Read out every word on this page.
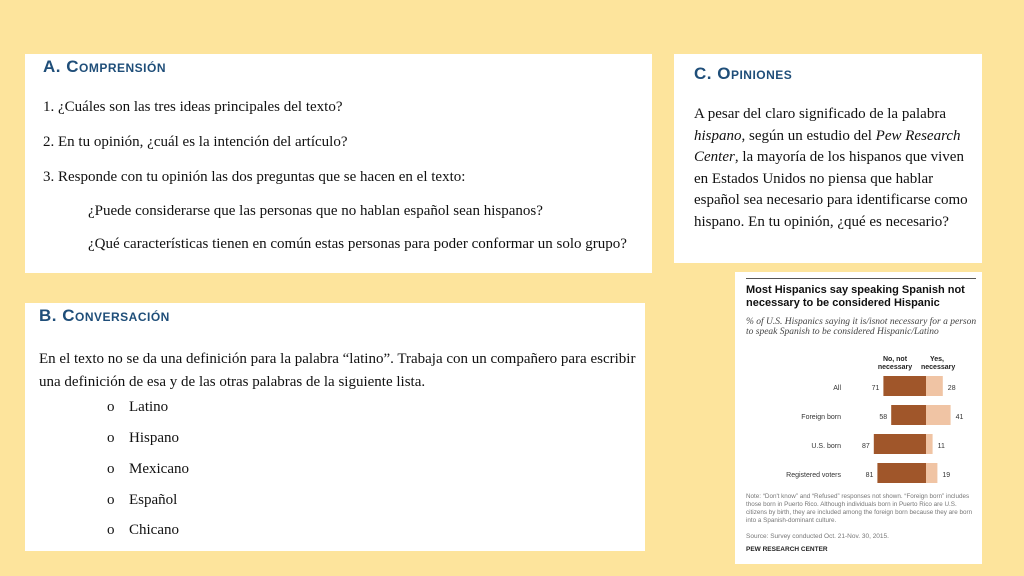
A. Comprensión
1. ¿Cuáles son las tres ideas principales del texto?
2. En tu opinión, ¿cuál es la intención del artículo?
3. Responde con tu opinión las dos preguntas que se hacen en el texto:
¿Puede considerarse que las personas que no hablan español sean hispanos?
¿Qué características tienen en común estas personas para poder conformar un solo grupo?
B. Conversación
En el texto no se da una definición para la palabra “latino”. Trabaja con un compañero para escribir una definición de esa y de las otras palabras de la siguiente lista.
o Latino
o Hispano
o Mexicano
o Español
o Chicano
C. Opiniones
A pesar del claro significado de la palabra hispano, según un estudio del Pew Research Center, la mayoría de los hispanos que viven en Estados Unidos no piensa que hablar español sea necesario para identificarse como hispano. En tu opinión, ¿qué es necesario?
Most Hispanics say speaking Spanish not necessary to be considered Hispanic
% of U.S. Hispanics saying it is/isnot necessary for a person to speak Spanish to be considered Hispanic/Latino
No, not necessary
Yes, necessary
All	71	28
Foreign born	58	41
U.S. born	87	11
Registered voters	81	19
Note: “Don't know” and “Refused” responses not shown. “Foreign born” includes those born in Puerto Rico. Although individuals born in Puerto Rico are U.S. citizens by birth, they are included among the foreign born because they are born into a Spanish-dominant culture.
Source: Survey conducted Oct. 21-Nov. 30, 2015.
PEW RESEARCH CENTER
